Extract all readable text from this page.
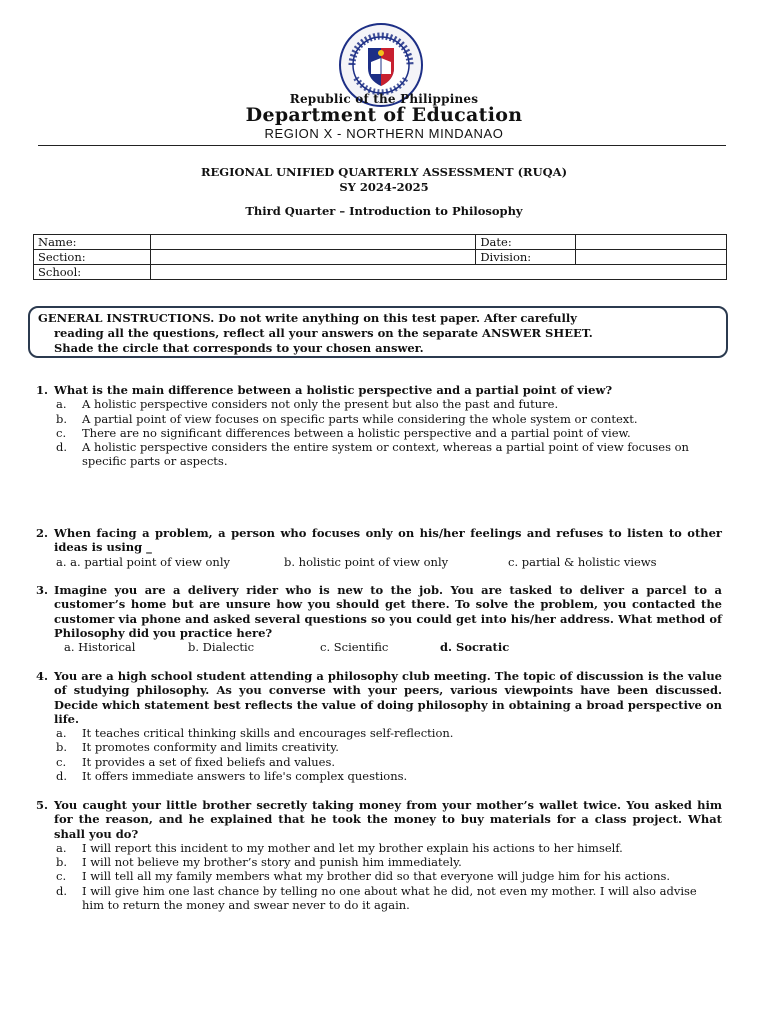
Republic of the Philippines
Department of Education
REGION X - NORTHERN MINDANAO
REGIONAL UNIFIED QUARTERLY ASSESSMENT (RUQA)
SY 2024-2025
Third Quarter – Introduction to Philosophy
Name:		Date:	
Section:		Division:	
School:			
GENERAL INSTRUCTIONS. Do not write anything on this test paper. After carefully
reading all the questions, reflect all your answers on the separate ANSWER SHEET.
Shade the circle that corresponds to your chosen answer.
1. What is the main difference between a holistic perspective and a partial point of view?
a.	A holistic perspective considers not only the present but also the past and future.
b.	A partial point of view focuses on specific parts while considering the whole system or context.
c.	There are no significant differences between a holistic perspective and a partial point of view.
d.	A holistic perspective considers the entire system or context, whereas a partial point of view focuses on specific parts or aspects.
2. When facing a problem, a person who focuses only on his/her feelings and refuses to listen to other ideas is using _
a. a. partial point of view only	b. holistic point of view only	c. partial & holistic views
3. Imagine you are a delivery rider who is new to the job. You are tasked to deliver a parcel to a customer’s home but are unsure how you should get there. To solve the problem, you contacted the customer via phone and asked several questions so you could get into his/her address. What method of Philosophy did you practice here?
a. Historical	b. Dialectic	c. Scientific	d. Socratic
4. You are a high school student attending a philosophy club meeting. The topic of discussion is the value of studying philosophy. As you converse with your peers, various viewpoints have been discussed. Decide which statement best reflects the value of doing philosophy in obtaining a broad perspective on life.
a.	It teaches critical thinking skills and encourages self-reflection.
b.	It promotes conformity and limits creativity.
c.	It provides a set of fixed beliefs and values.
d.	It offers immediate answers to life's complex questions.
5. You caught your little brother secretly taking money from your mother’s wallet twice. You asked him for the reason, and he explained that he took the money to buy materials for a class project. What shall you do?
a.	I will report this incident to my mother and let my brother explain his actions to her himself.
b.	I will not believe my brother’s story and punish him immediately.
c.	I will tell all my family members what my brother did so that everyone will judge him for his actions.
d.	I will give him one last chance by telling no one about what he did, not even my mother. I will also advise him to return the money and swear never to do it again.
